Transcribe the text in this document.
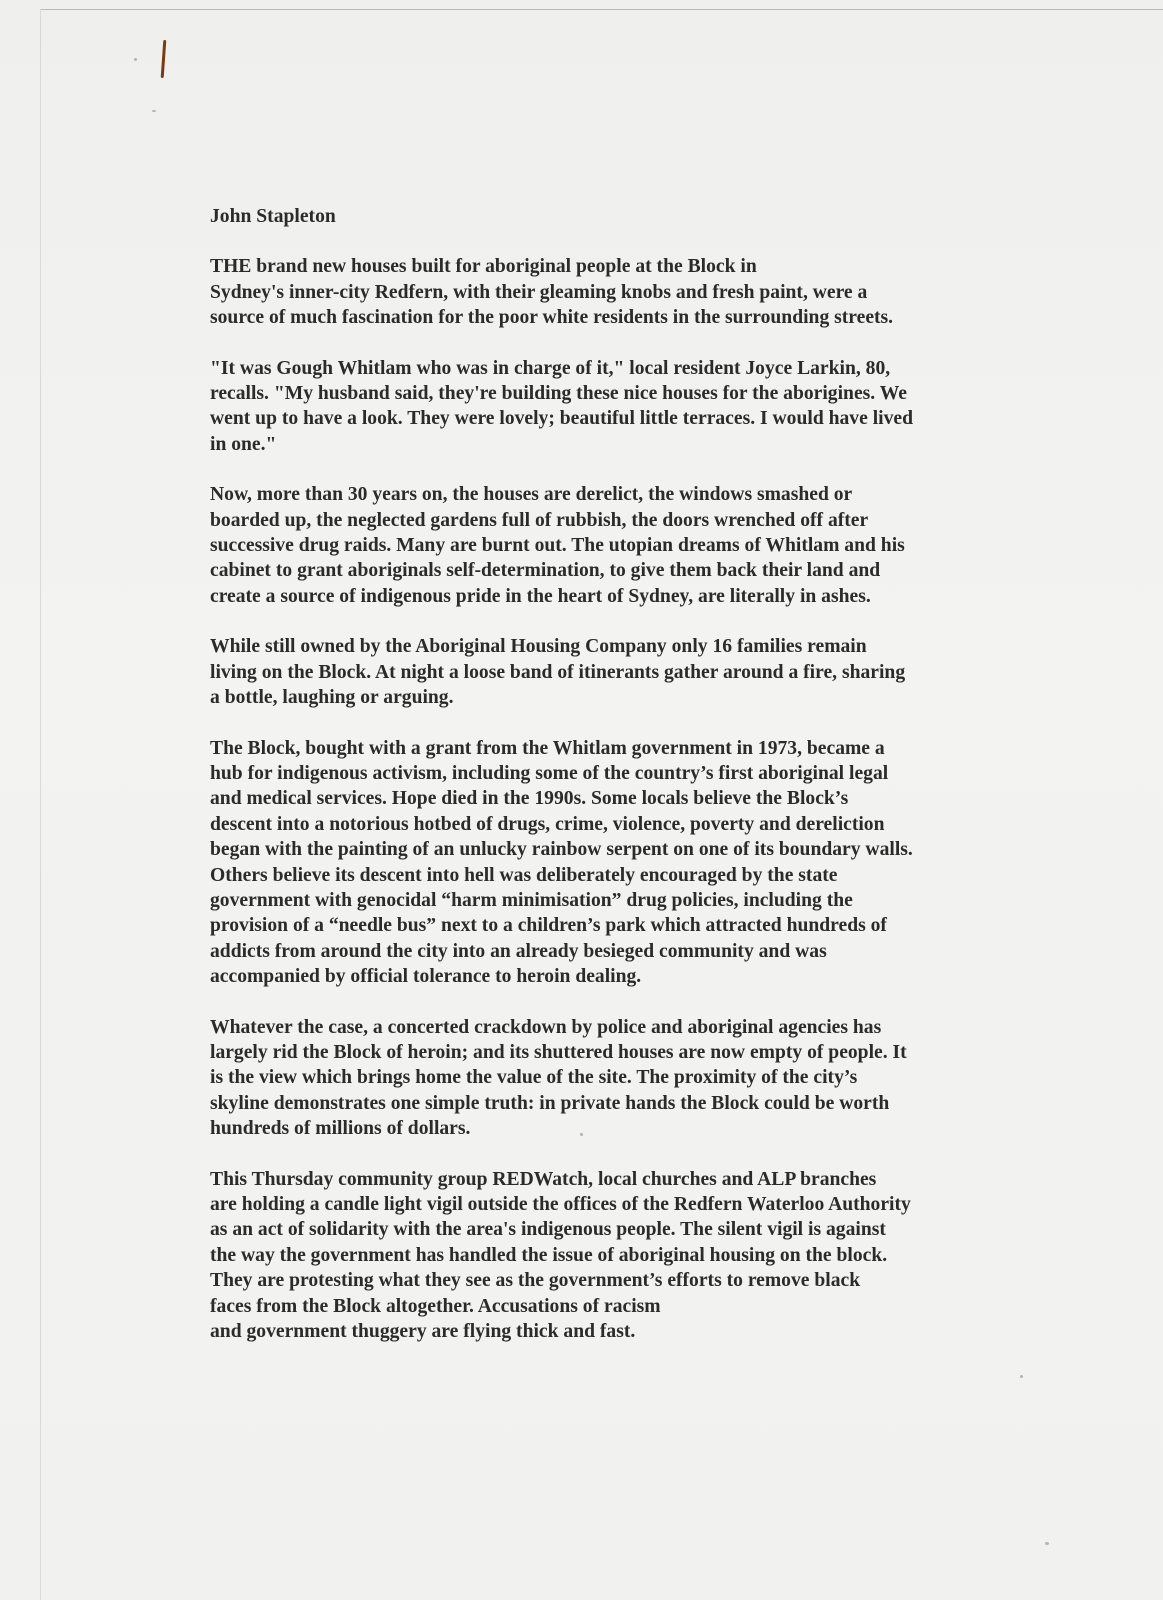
John Stapleton
THE brand new houses built for aboriginal people at the Block in
Sydney's inner-city Redfern, with their gleaming knobs and fresh paint, were a
source of much fascination for the poor white residents in the surrounding streets.
"It was Gough Whitlam who was in charge of it," local resident Joyce Larkin, 80,
recalls. "My husband said, they're building these nice houses for the aborigines. We
went up to have a look. They were lovely; beautiful little terraces. I would have lived
in one."
Now, more than 30 years on, the houses are derelict, the windows smashed or
boarded up, the neglected gardens full of rubbish, the doors wrenched off after
successive drug raids. Many are burnt out. The utopian dreams of Whitlam and his
cabinet to grant aboriginals self-determination, to give them back their land and
create a source of indigenous pride in the heart of Sydney, are literally in ashes.
While still owned by the Aboriginal Housing Company only 16 families remain
living on the Block. At night a loose band of itinerants gather around a fire, sharing
a bottle, laughing or arguing.
The Block, bought with a grant from the Whitlam government in 1973, became a
hub for indigenous activism, including some of the country’s first aboriginal legal
and medical services. Hope died in the 1990s. Some locals believe the Block’s
descent into a notorious hotbed of drugs, crime, violence, poverty and dereliction
began with the painting of an unlucky rainbow serpent on one of its boundary walls.
Others believe its descent into hell was deliberately encouraged by the state
government with genocidal “harm minimisation” drug policies, including the
provision of a “needle bus” next to a children’s park which attracted hundreds of
addicts from around the city into an already besieged community and was
accompanied by official tolerance to heroin dealing.
Whatever the case, a concerted crackdown by police and aboriginal agencies has
largely rid the Block of heroin; and its shuttered houses are now empty of people. It
is the view which brings home the value of the site. The proximity of the city’s
skyline demonstrates one simple truth: in private hands the Block could be worth
hundreds of millions of dollars.
This Thursday community group REDWatch, local churches and ALP branches
are holding a candle light vigil outside the offices of the Redfern Waterloo Authority
as an act of solidarity with the area's indigenous people. The silent vigil is against
the way the government has handled the issue of aboriginal housing on the block.
They are protesting what they see as the government’s efforts to remove black
faces from the Block altogether. Accusations of racism
and government thuggery are flying thick and fast.
